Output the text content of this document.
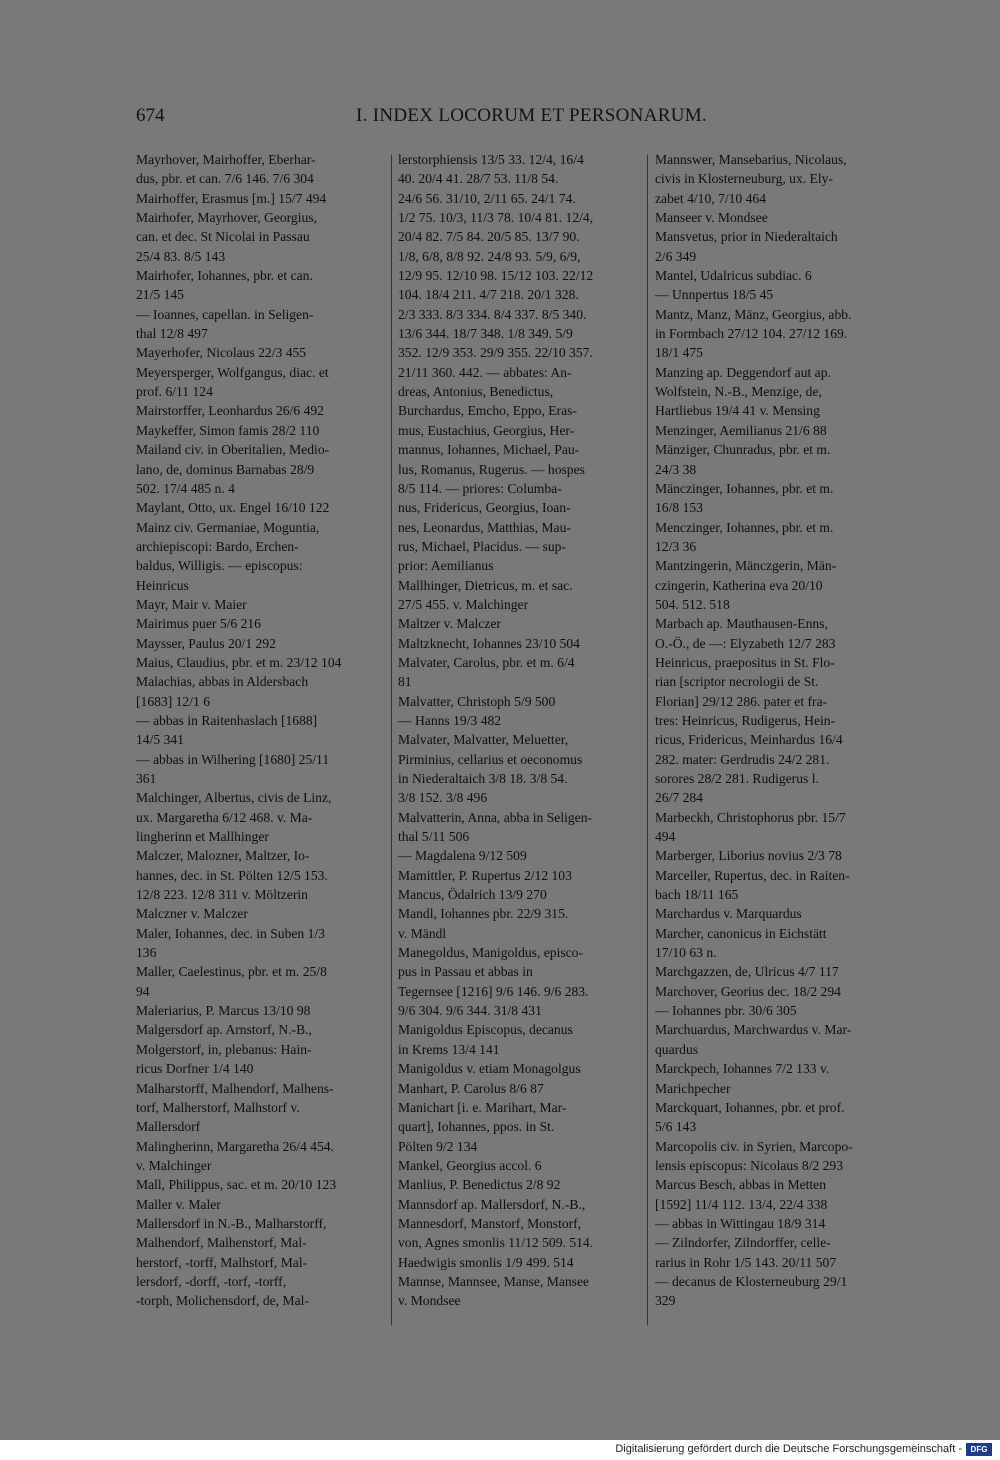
674	I. INDEX LOCORUM ET PERSONARUM.
Mayrhover, Mairhoffer, Eberhar-
dus, pbr. et can. 7/6 146. 7/6 304
Mairhoffer, Erasmus [m.] 15/7 494
Mairhofer, Mayrhover, Georgius,
can. et dec. St Nicolai in Passau
25/4 83. 8/5 143
Mairhofer, Iohannes, pbr. et can.
21/5 145
— Ioannes, capellan. in Seligen-
thal 12/8 497
Mayerhofer, Nicolaus 22/3 455
Meyersperger, Wolfgangus, diac. et
prof. 6/11 124
Mairstorffer, Leonhardus 26/6 492
Maykeffer, Simon famis 28/2 110
Mailand civ. in Oberitalien, Medio-
lano, de, dominus Barnabas 28/9
502. 17/4 485 n. 4
Maylant, Otto, ux. Engel 16/10 122
Mainz civ. Germaniae, Moguntia,
archiepiscopi: Bardo, Erchen-
baldus, Willigis. — episcopus:
Heinricus
Mayr, Mair v. Maier
Mairimus puer 5/6 216
Maysser, Paulus 20/1 292
Maius, Claudius, pbr. et m. 23/12 104
Malachias, abbas in Aldersbach
[1683] 12/1 6
— abbas in Raitenhaslach [1688]
14/5 341
— abbas in Wilhering [1680] 25/11
361
Malchinger, Albertus, civis de Linz,
ux. Margaretha 6/12 468. v. Ma-
lingherinn et Mallhinger
Malczer, Malozner, Maltzer, Io-
hannes, dec. in St. Pölten 12/5 153.
12/8 223. 12/8 311 v. Möltzerin
Malczner v. Malczer
Maler, Iohannes, dec. in Suben 1/3
136
Maller, Caelestinus, pbr. et m. 25/8
94
Maleriarius, P. Marcus 13/10 98
Malgersdorf ap. Arnstorf, N.-B.,
Molgerstorf, in, plebanus: Hain-
ricus Dorfner 1/4 140
Malharstorff, Malhendorf, Malhens-
torf, Malherstorf, Malhstorf v.
Mallersdorf
Malingherinn, Margaretha 26/4 454.
v. Malchinger
Mall, Philippus, sac. et m. 20/10 123
Maller v. Maler
Mallersdorf in N.-B., Malharstorff,
Malhendorf, Malhenstorf, Mal-
herstorf, -torff, Malhstorf, Mal-
lersdorf, -dorff, -torf, -torff,
-torph, Molichensdorf, de, Mal-
lerstorphiensis 13/5 33. 12/4, 16/4
40. 20/4 41. 28/7 53. 11/8 54.
24/6 56. 31/10, 2/11 65. 24/1 74.
1/2 75. 10/3, 11/3 78. 10/4 81. 12/4,
20/4 82. 7/5 84. 20/5 85. 13/7 90.
1/8, 6/8, 8/8 92. 24/8 93. 5/9, 6/9,
12/9 95. 12/10 98. 15/12 103. 22/12
104. 18/4 211. 4/7 218. 20/1 328.
2/3 333. 8/3 334. 8/4 337. 8/5 340.
13/6 344. 18/7 348. 1/8 349. 5/9
352. 12/9 353. 29/9 355. 22/10 357.
21/11 360. 442. — abbates: An-
dreas, Antonius, Benedictus,
Burchardus, Emcho, Eppo, Eras-
mus, Eustachius, Georgius, Her-
mannus, Iohannes, Michael, Pau-
lus, Romanus, Rugerus. — hospes
8/5 114. — priores: Columba-
nus, Fridericus, Georgius, Ioan-
nes, Leonardus, Matthias, Mau-
rus, Michael, Placidus. — sup-
prior: Aemilianus
Mallhinger, Dietricus, m. et sac.
27/5 455. v. Malchinger
Maltzer v. Malczer
Maltzknecht, Iohannes 23/10 504
Malvater, Carolus, pbr. et m. 6/4
81
Malvatter, Christoph 5/9 500
— Hanns 19/3 482
Malvater, Malvatter, Meluetter,
Pirminius, cellarius et oeconomus
in Niederaltaich 3/8 18. 3/8 54.
3/8 152. 3/8 496
Malvatterin, Anna, abba in Seligen-
thal 5/11 506
— Magdalena 9/12 509
Mamittler, P. Rupertus 2/12 103
Mancus, Ödalrich 13/9 270
Mandl, Iohannes pbr. 22/9 315.
v. Mändl
Manegoldus, Manigoldus, episco-
pus in Passau et abbas in
Tegernsee [1216] 9/6 146. 9/6 283.
9/6 304. 9/6 344. 31/8 431
Manigoldus Episcopus, decanus
in Krems 13/4 141
Manigoldus v. etiam Monagolgus
Manhart, P. Carolus 8/6 87
Manichart [i. e. Marihart, Mar-
quart], Iohannes, ppos. in St.
Pölten 9/2 134
Mankel, Georgius accol. 6
Manlius, P. Benedictus 2/8 92
Mannsdorf ap. Mallersdorf, N.-B.,
Mannesdorf, Manstorf, Monstorf,
von, Agnes smonlis 11/12 509. 514.
Haedwigis smonlis 1/9 499. 514
Mannse, Mannsee, Manse, Mansee
v. Mondsee
Mannswer, Mansebarius, Nicolaus,
civis in Klosterneuburg, ux. Ely-
zabet 4/10, 7/10 464
Manseer v. Mondsee
Mansvetus, prior in Niederaltaich
2/6 349
Mantel, Udalricus subdiac. 6
— Unnpertus 18/5 45
Mantz, Manz, Mänz, Georgius, abb.
in Formbach 27/12 104. 27/12 169.
18/1 475
Manzing ap. Deggendorf aut ap.
Wolfstein, N.-B., Menzige, de,
Hartliebus 19/4 41 v. Mensing
Menzinger, Aemilianus 21/6 88
Mänziger, Chunradus, pbr. et m.
24/3 38
Mänczinger, Iohannes, pbr. et m.
16/8 153
Menczinger, Iohannes, pbr. et m.
12/3 36
Mantzingerin, Mänczgerin, Män-
czingerin, Katherina eva 20/10
504. 512. 518
Marbach ap. Mauthausen-Enns,
O.-Ö., de —: Elyzabeth 12/7 283
Heinricus, praepositus in St. Flo-
rian [scriptor necrologii de St.
Florian] 29/12 286. pater et fra-
tres: Heinricus, Rudigerus, Hein-
ricus, Fridericus, Meinhardus 16/4
282. mater: Gerdrudis 24/2 281.
sorores 28/2 281. Rudigerus l.
26/7 284
Marbeckh, Christophorus pbr. 15/7
494
Marberger, Liborius novius 2/3 78
Marceller, Rupertus, dec. in Raiten-
bach 18/11 165
Marchardus v. Marquardus
Marcher, canonicus in Eichstätt
17/10 63 n.
Marchgazzen, de, Ulricus 4/7 117
Marchover, Georius dec. 18/2 294
— Iohannes pbr. 30/6 305
Marchuardus, Marchwardus v. Mar-
quardus
Marckpech, Iohannes 7/2 133 v.
Marichpecher
Marckquart, Iohannes, pbr. et prof.
5/6 143
Marcopolis civ. in Syrien, Marcopo-
lensis episcopus: Nicolaus 8/2 293
Marcus Besch, abbas in Metten
[1592] 11/4 112. 13/4, 22/4 338
— abbas in Wittingau 18/9 314
— Zilndorfer, Zilndorffer, celle-
rarius in Rohr 1/5 143. 20/11 507
— decanus de Klosterneuburg 29/1
329
Digitalisierung gefördert durch die Deutsche Forschungsgemeinschaft -	DFG
